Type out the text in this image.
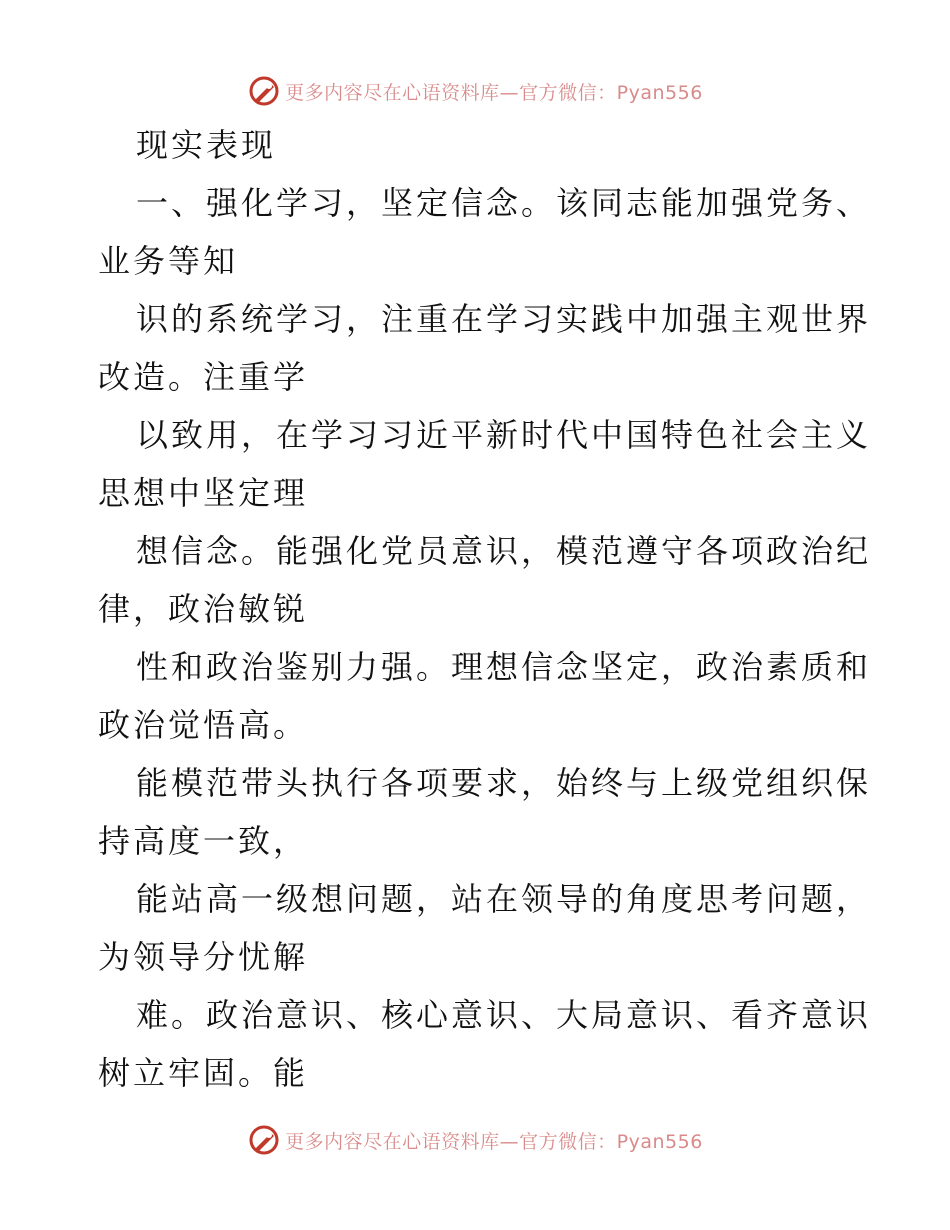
更多内容尽在心语资料库—官方微信：Pyan556
现实表现
一、强化学习，坚定信念。该同志能加强党务、
业务等知
识的系统学习，注重在学习实践中加强主观世界
改造。注重学
以致用，在学习习近平新时代中国特色社会主义
思想中坚定理
想信念。能强化党员意识，模范遵守各项政治纪
律，政治敏锐
性和政治鉴别力强。理想信念坚定，政治素质和
政治觉悟高。
能模范带头执行各项要求，始终与上级党组织保
持高度一致，
能站高一级想问题，站在领导的角度思考问题，
为领导分忧解
难。政治意识、核心意识、大局意识、看齐意识
树立牢固。能
更多内容尽在心语资料库—官方微信：Pyan556
